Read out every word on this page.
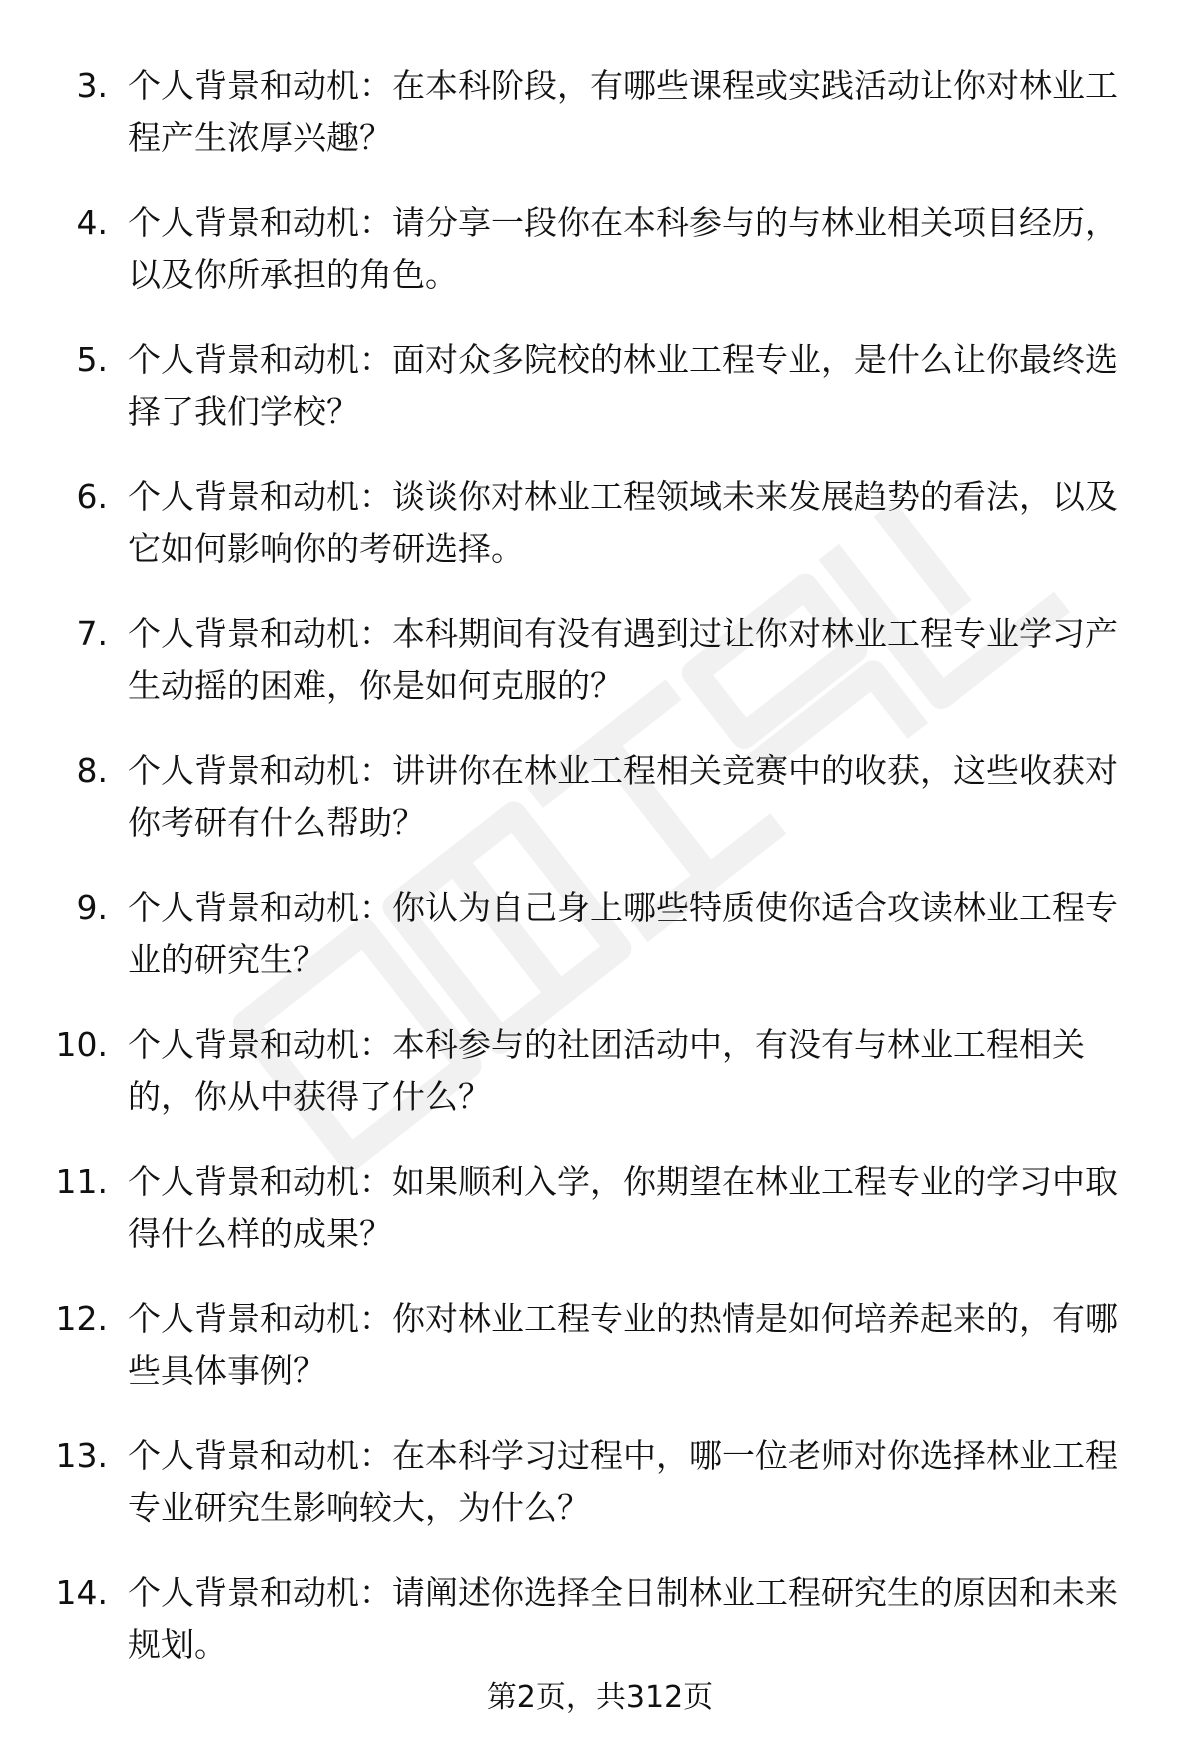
3. 个人背景和动机：在本科阶段，有哪些课程或实践活动让你对林业工程产生浓厚兴趣？
4. 个人背景和动机：请分享一段你在本科参与的与林业相关项目经历，以及你所承担的角色。
5. 个人背景和动机：面对众多院校的林业工程专业，是什么让你最终选择了我们学校？
6. 个人背景和动机：谈谈你对林业工程领域未来发展趋势的看法，以及它如何影响你的考研选择。
7. 个人背景和动机：本科期间有没有遇到过让你对林业工程专业学习产生动摇的困难，你是如何克服的？
8. 个人背景和动机：讲讲你在林业工程相关竞赛中的收获，这些收获对你考研有什么帮助？
9. 个人背景和动机：你认为自己身上哪些特质使你适合攻读林业工程专业的研究生？
10. 个人背景和动机：本科参与的社团活动中，有没有与林业工程相关的，你从中获得了什么？
11. 个人背景和动机：如果顺利入学，你期望在林业工程专业的学习中取得什么样的成果？
12. 个人背景和动机：你对林业工程专业的热情是如何培养起来的，有哪些具体事例？
13. 个人背景和动机：在本科学习过程中，哪一位老师对你选择林业工程专业研究生影响较大，为什么？
14. 个人背景和动机：请阐述你选择全日制林业工程研究生的原因和未来规划。
第2页，共312页
